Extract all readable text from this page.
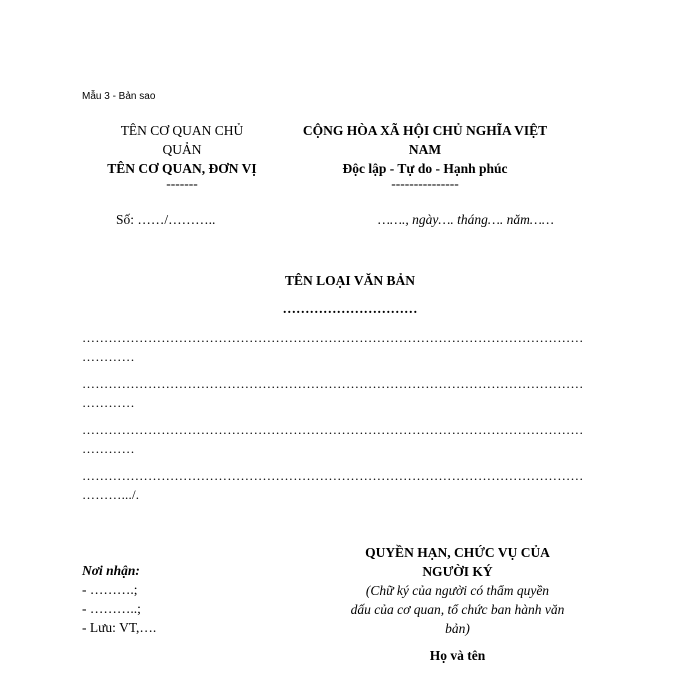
Mẫu 3 - Bản sao
TÊN CƠ QUAN CHỦ
QUẢN
TÊN CƠ QUAN, ĐƠN VỊ
-------
CỘNG HÒA XÃ HỘI CHỦ NGHĨA VIỆT
NAM
Độc lập - Tự do - Hạnh phúc
---------------
Số: ……/………..	……., ngày…. tháng…. năm……
TÊN LOẠI VĂN BẢN
…………………………
……………………………………………………………………………………………………
…………
……………………………………………………………………………………………………
…………
……………………………………………………………………………………………………
…………
……………………………………………………………………………………………………
……….../.
Nơi nhận:
- ……….;
- ………..;
- Lưu: VT,….
QUYỀN HẠN, CHỨC VỤ CỦA
NGƯỜI KÝ
(Chữ ký của người có thẩm quyền
dấu của cơ quan, tổ chức ban hành văn
bản)
Họ và tên
